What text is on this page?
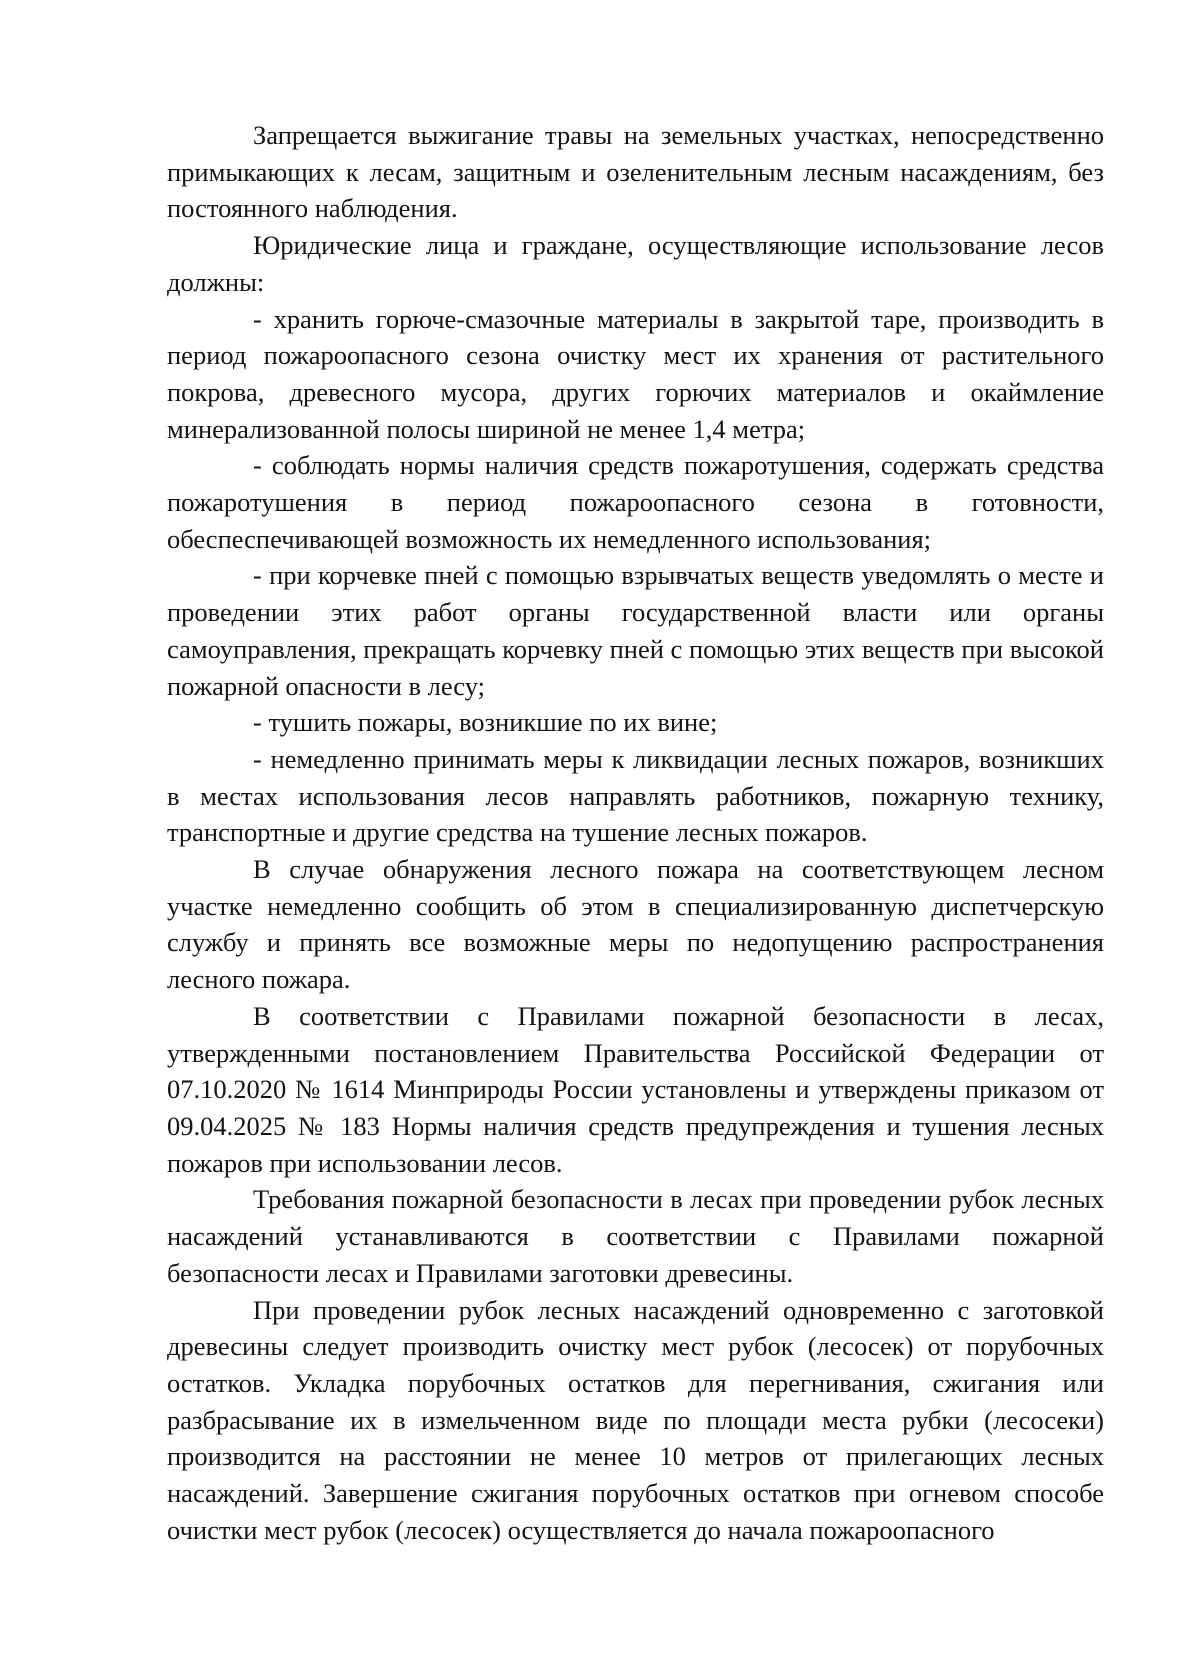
Запрещается выжигание травы на земельных участках, непосредственно примыкающих к лесам, защитным и озеленительным лесным насаждениям, без постоянного наблюдения.

Юридические лица и граждане, осуществляющие использование лесов должны:

- хранить горюче-смазочные материалы в закрытой таре, производить в период пожароопасного сезона очистку мест их хранения от растительного покрова, древесного мусора, других горючих материалов и окаймление минерализованной полосы шириной не менее 1,4 метра;

- соблюдать нормы наличия средств пожаротушения, содержать средства пожаротушения в период пожароопасного сезона в готовности, обеспеспечивающей возможность их немедленного использования;

- при корчевке пней с помощью взрывчатых веществ уведомлять о месте и проведении этих работ органы государственной власти или органы самоуправления, прекращать корчевку пней с помощью этих веществ при высокой пожарной опасности в лесу;

- тушить пожары, возникшие по их вине;

- немедленно принимать меры к ликвидации лесных пожаров, возникших в местах использования лесов направлять работников, пожарную технику, транспортные и другие средства на тушение лесных пожаров.

В случае обнаружения лесного пожара на соответствующем лесном участке немедленно сообщить об этом в специализированную диспетчерскую службу и принять все возможные меры по недопущению распространения лесного пожара.

В соответствии с Правилами пожарной безопасности в лесах, утвержденными постановлением Правительства Российской Федерации от 07.10.2020 № 1614 Минприроды России установлены и утверждены приказом от 09.04.2025 № 183 Нормы наличия средств предупреждения и тушения лесных пожаров при использовании лесов.

Требования пожарной безопасности в лесах при проведении рубок лесных насаждений устанавливаются в соответствии с Правилами пожарной безопасности лесах и Правилами заготовки древесины.

При проведении рубок лесных насаждений одновременно с заготовкой древесины следует производить очистку мест рубок (лесосек) от порубочных остатков. Укладка порубочных остатков для перегнивания, сжигания или разбрасывание их в измельченном виде по площади места рубки (лесосеки) производится на расстоянии не менее 10 метров от прилегающих лесных насаждений. Завершение сжигания порубочных остатков при огневом способе очистки мест рубок (лесосек) осуществляется до начала пожароопасного
